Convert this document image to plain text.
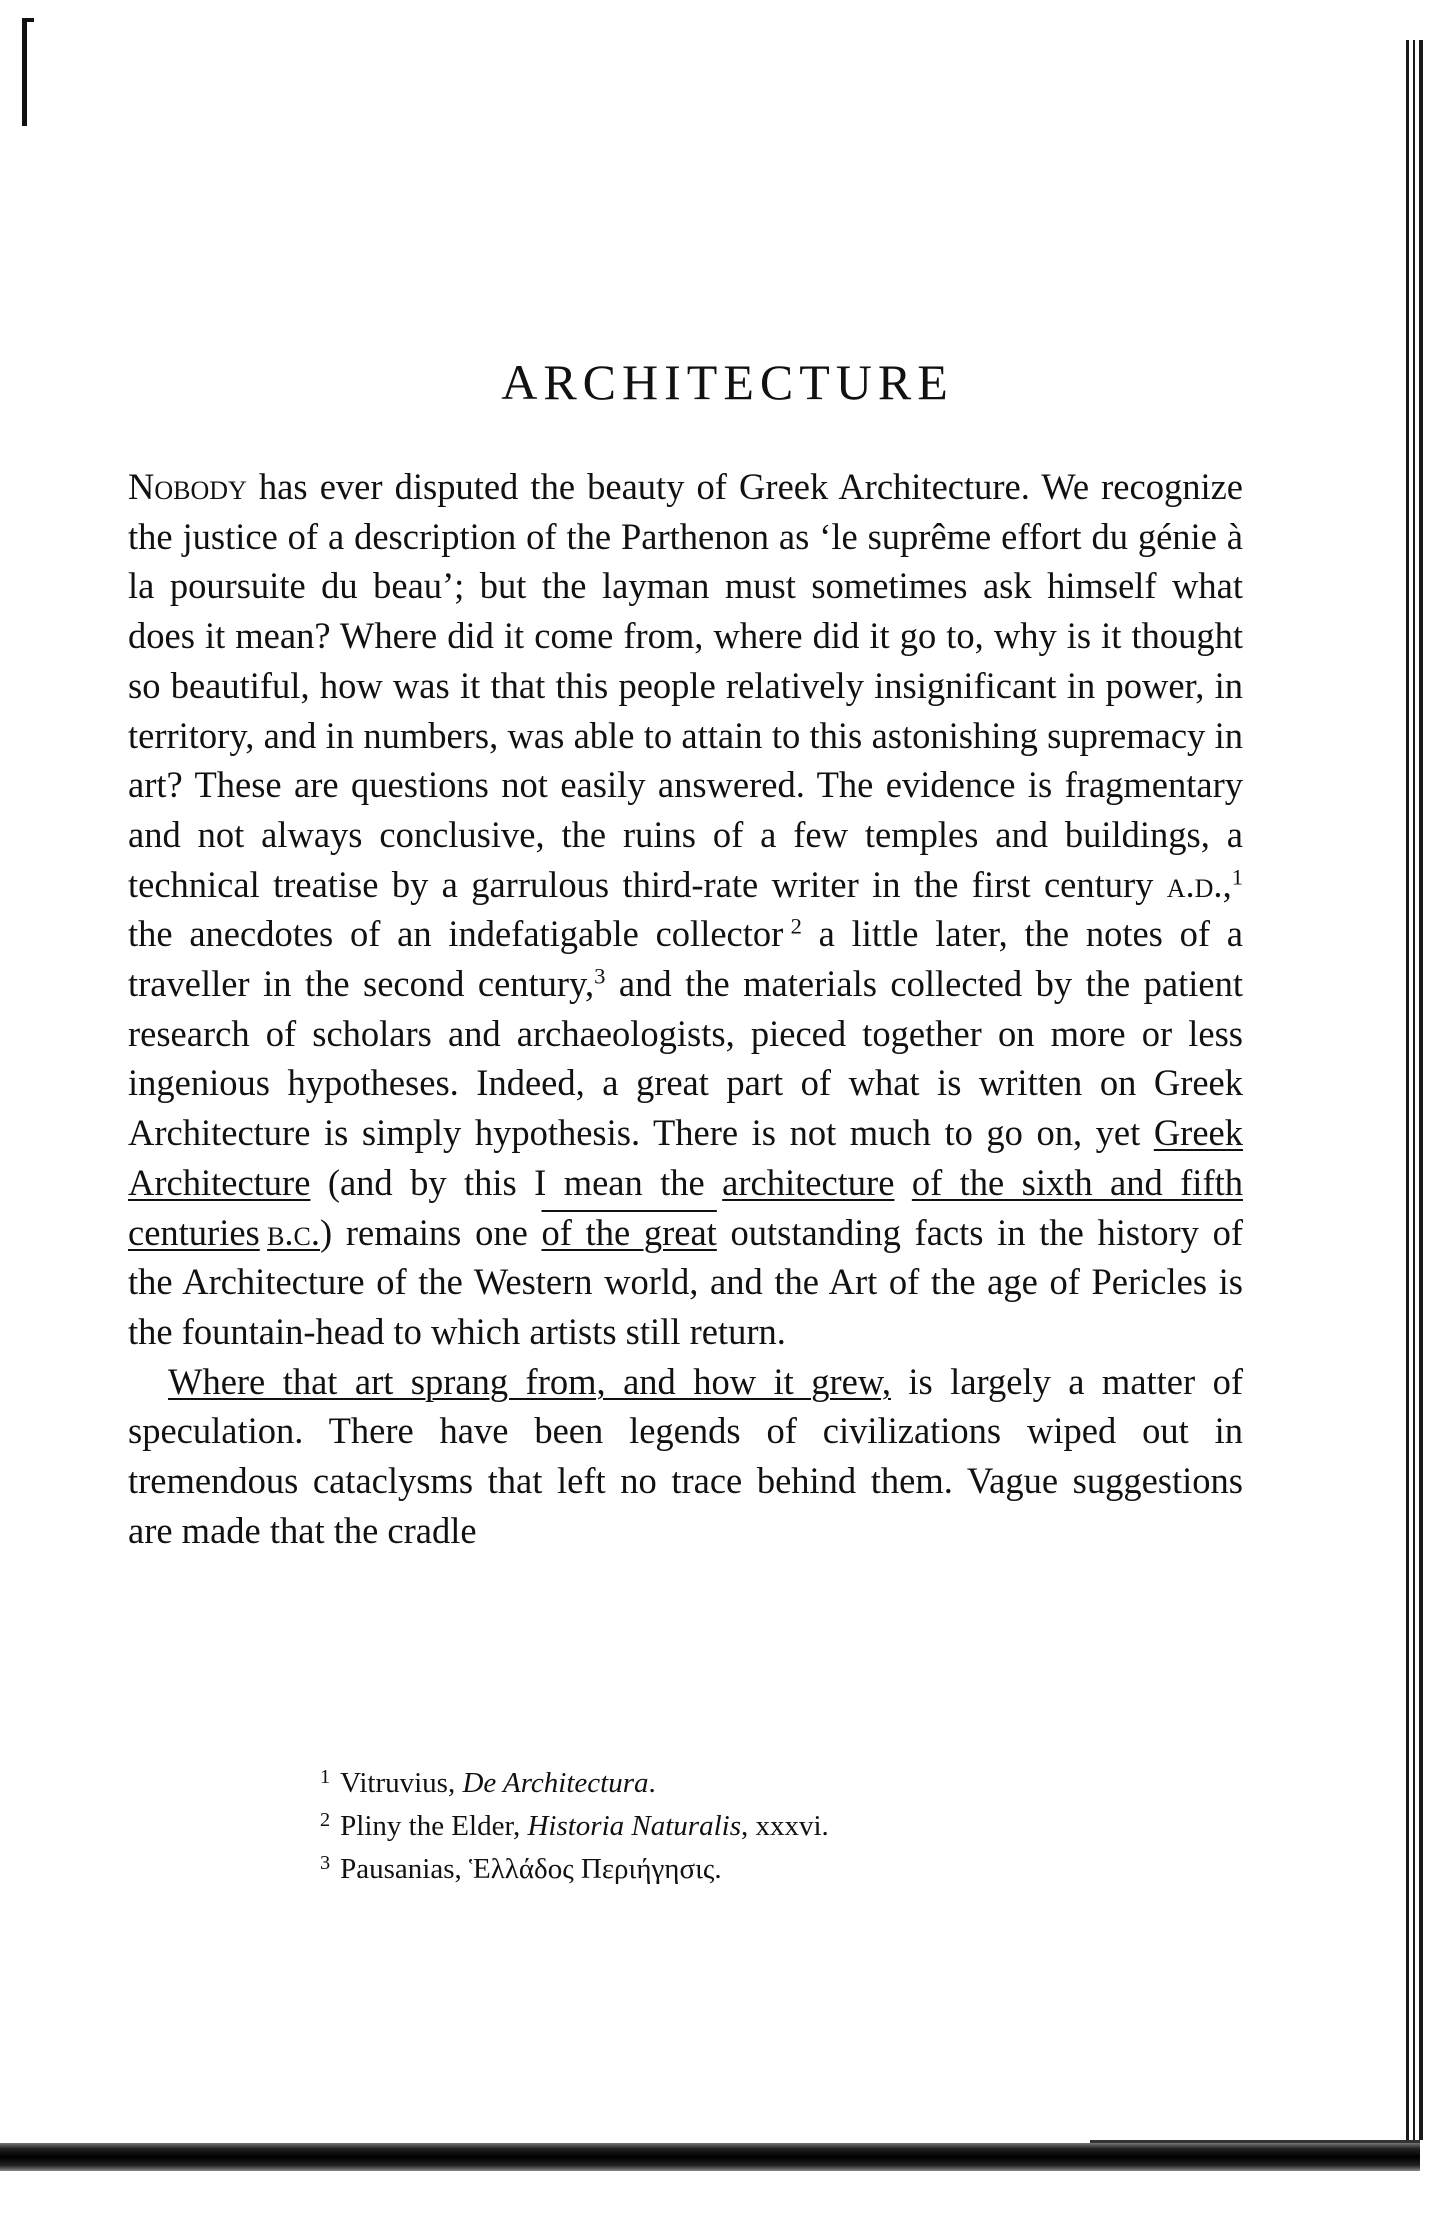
ARCHITECTURE

Nobody has ever disputed the beauty of Greek Architecture. We recognize the justice of a description of the Parthenon as ‘le suprême effort du génie à la poursuite du beau’; but the layman must sometimes ask himself what does it mean? Where did it come from, where did it go to, why is it thought so beautiful, how was it that this people relatively insignificant in power, in territory, and in numbers, was able to attain to this astonishing supremacy in art? These are questions not easily answered. The evidence is fragmentary and not always conclusive, the ruins of a few temples and buildings, a technical treatise by a garrulous third-rate writer in the first century a.d.,$^1$ the anecdotes of an indefatigable collector  $^2$ a little later, the notes of a traveller in the second century,$^3$ and the materials collected by the patient research of scholars and archaeologists, pieced together on more or less ingenious hypotheses. Indeed, a great part of what is written on Greek Architecture is simply hypothesis. There is not much to go on, yet Greek Architecture (and by this I mean the architecture of the sixth and fifth centuries  b.c.) remains one of the great outstanding facts in the history of the Architecture of the Western world, and the Art of the age of Pericles is the fountain-head to which artists still return.

Where that art sprang from, and how it grew, is largely a matter of speculation. There have been legends of civilizations wiped out in tremendous cataclysms that left no trace behind them. Vague suggestions are made that the cradle

$^1$ Vitruvius, De Architectura.
$^2$ Pliny the Elder, Historia Naturalis, xxxvi.
$^3$ Pausanias, Ἑλλάδος Περιήγησις.
